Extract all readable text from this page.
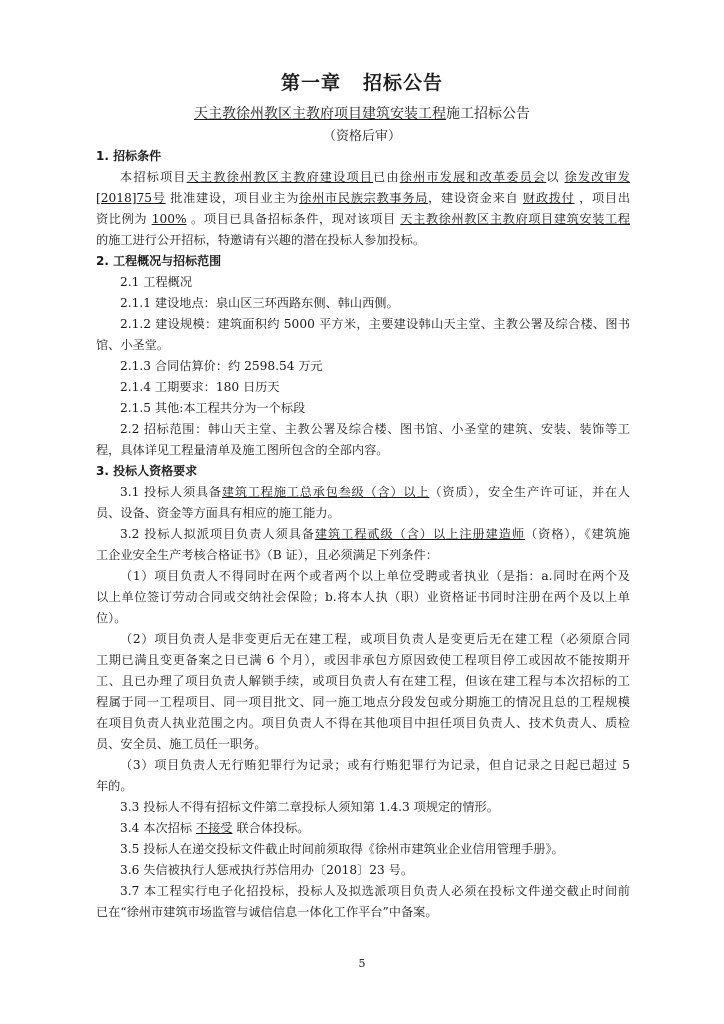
第一章 招标公告
天主教徐州教区主教府项目建筑安装工程施工招标公告
（资格后审）
1. 招标条件
本招标项目天主教徐州教区主教府建设项目已由徐州市发展和改革委员会以 徐发改审发
[2018]75号 批准建设，项目业主为徐州市民族宗教事务局，建设资金来自 财政拨付 ，项目出
资比例为 100% 。项目已具备招标条件，现对该项目 天主教徐州教区主教府项目建筑安装工程
的施工进行公开招标，特邀请有兴趣的潜在投标人参加投标。
2. 工程概况与招标范围
2.1 工程概况
2.1.1 建设地点：泉山区三环西路东侧、韩山西侧。
2.1.2 建设规模：建筑面积约 5000 平方米，主要建设韩山天主堂、主教公署及综合楼、图书
馆、小圣堂。
2.1.3 合同估算价：约 2598.54 万元
2.1.4 工期要求：180 日历天
2.1.5 其他:本工程共分为一个标段
2.2 招标范围：韩山天主堂、主教公署及综合楼、图书馆、小圣堂的建筑、安装、装饰等工
程，具体详见工程量清单及施工图所包含的全部内容。
3. 投标人资格要求
3.1 投标人须具备建筑工程施工总承包叁级（含）以上（资质），安全生产许可证，并在人
员、设备、资金等方面具有相应的施工能力。
3.2 投标人拟派项目负责人须具备建筑工程贰级（含）以上注册建造师（资格），《建筑施
工企业安全生产考核合格证书》（B 证），且必须满足下列条件：
（1）项目负责人不得同时在两个或者两个以上单位受聘或者执业（是指：a.同时在两个及
以上单位签订劳动合同或交纳社会保险；b.将本人执（职）业资格证书同时注册在两个及以上单
位）。
（2）项目负责人是非变更后无在建工程，或项目负责人是变更后无在建工程（必须原合同
工期已满且变更备案之日已满 6 个月），或因非承包方原因致使工程项目停工或因故不能按期开
工、且已办理了项目负责人解锁手续，或项目负责人有在建工程，但该在建工程与本次招标的工
程属于同一工程项目、同一项目批文、同一施工地点分段发包或分期施工的情况且总的工程规模
在项目负责人执业范围之内。项目负责人不得在其他项目中担任项目负责人、技术负责人、质检
员、安全员、施工员任一职务。
（3）项目负责人无行贿犯罪行为记录；或有行贿犯罪行为记录，但自记录之日起已超过 5
年的。
3.3 投标人不得有招标文件第二章投标人须知第 1.4.3 项规定的情形。
3.4 本次招标 不接受 联合体投标。
3.5 投标人在递交投标文件截止时间前须取得《徐州市建筑业企业信用管理手册》。
3.6 失信被执行人惩戒执行苏信用办〔2018〕23 号。
3.7 本工程实行电子化招投标，投标人及拟选派项目负责人必须在投标文件递交截止时间前
已在“徐州市建筑市场监管与诚信信息一体化工作平台”中备案。
5
